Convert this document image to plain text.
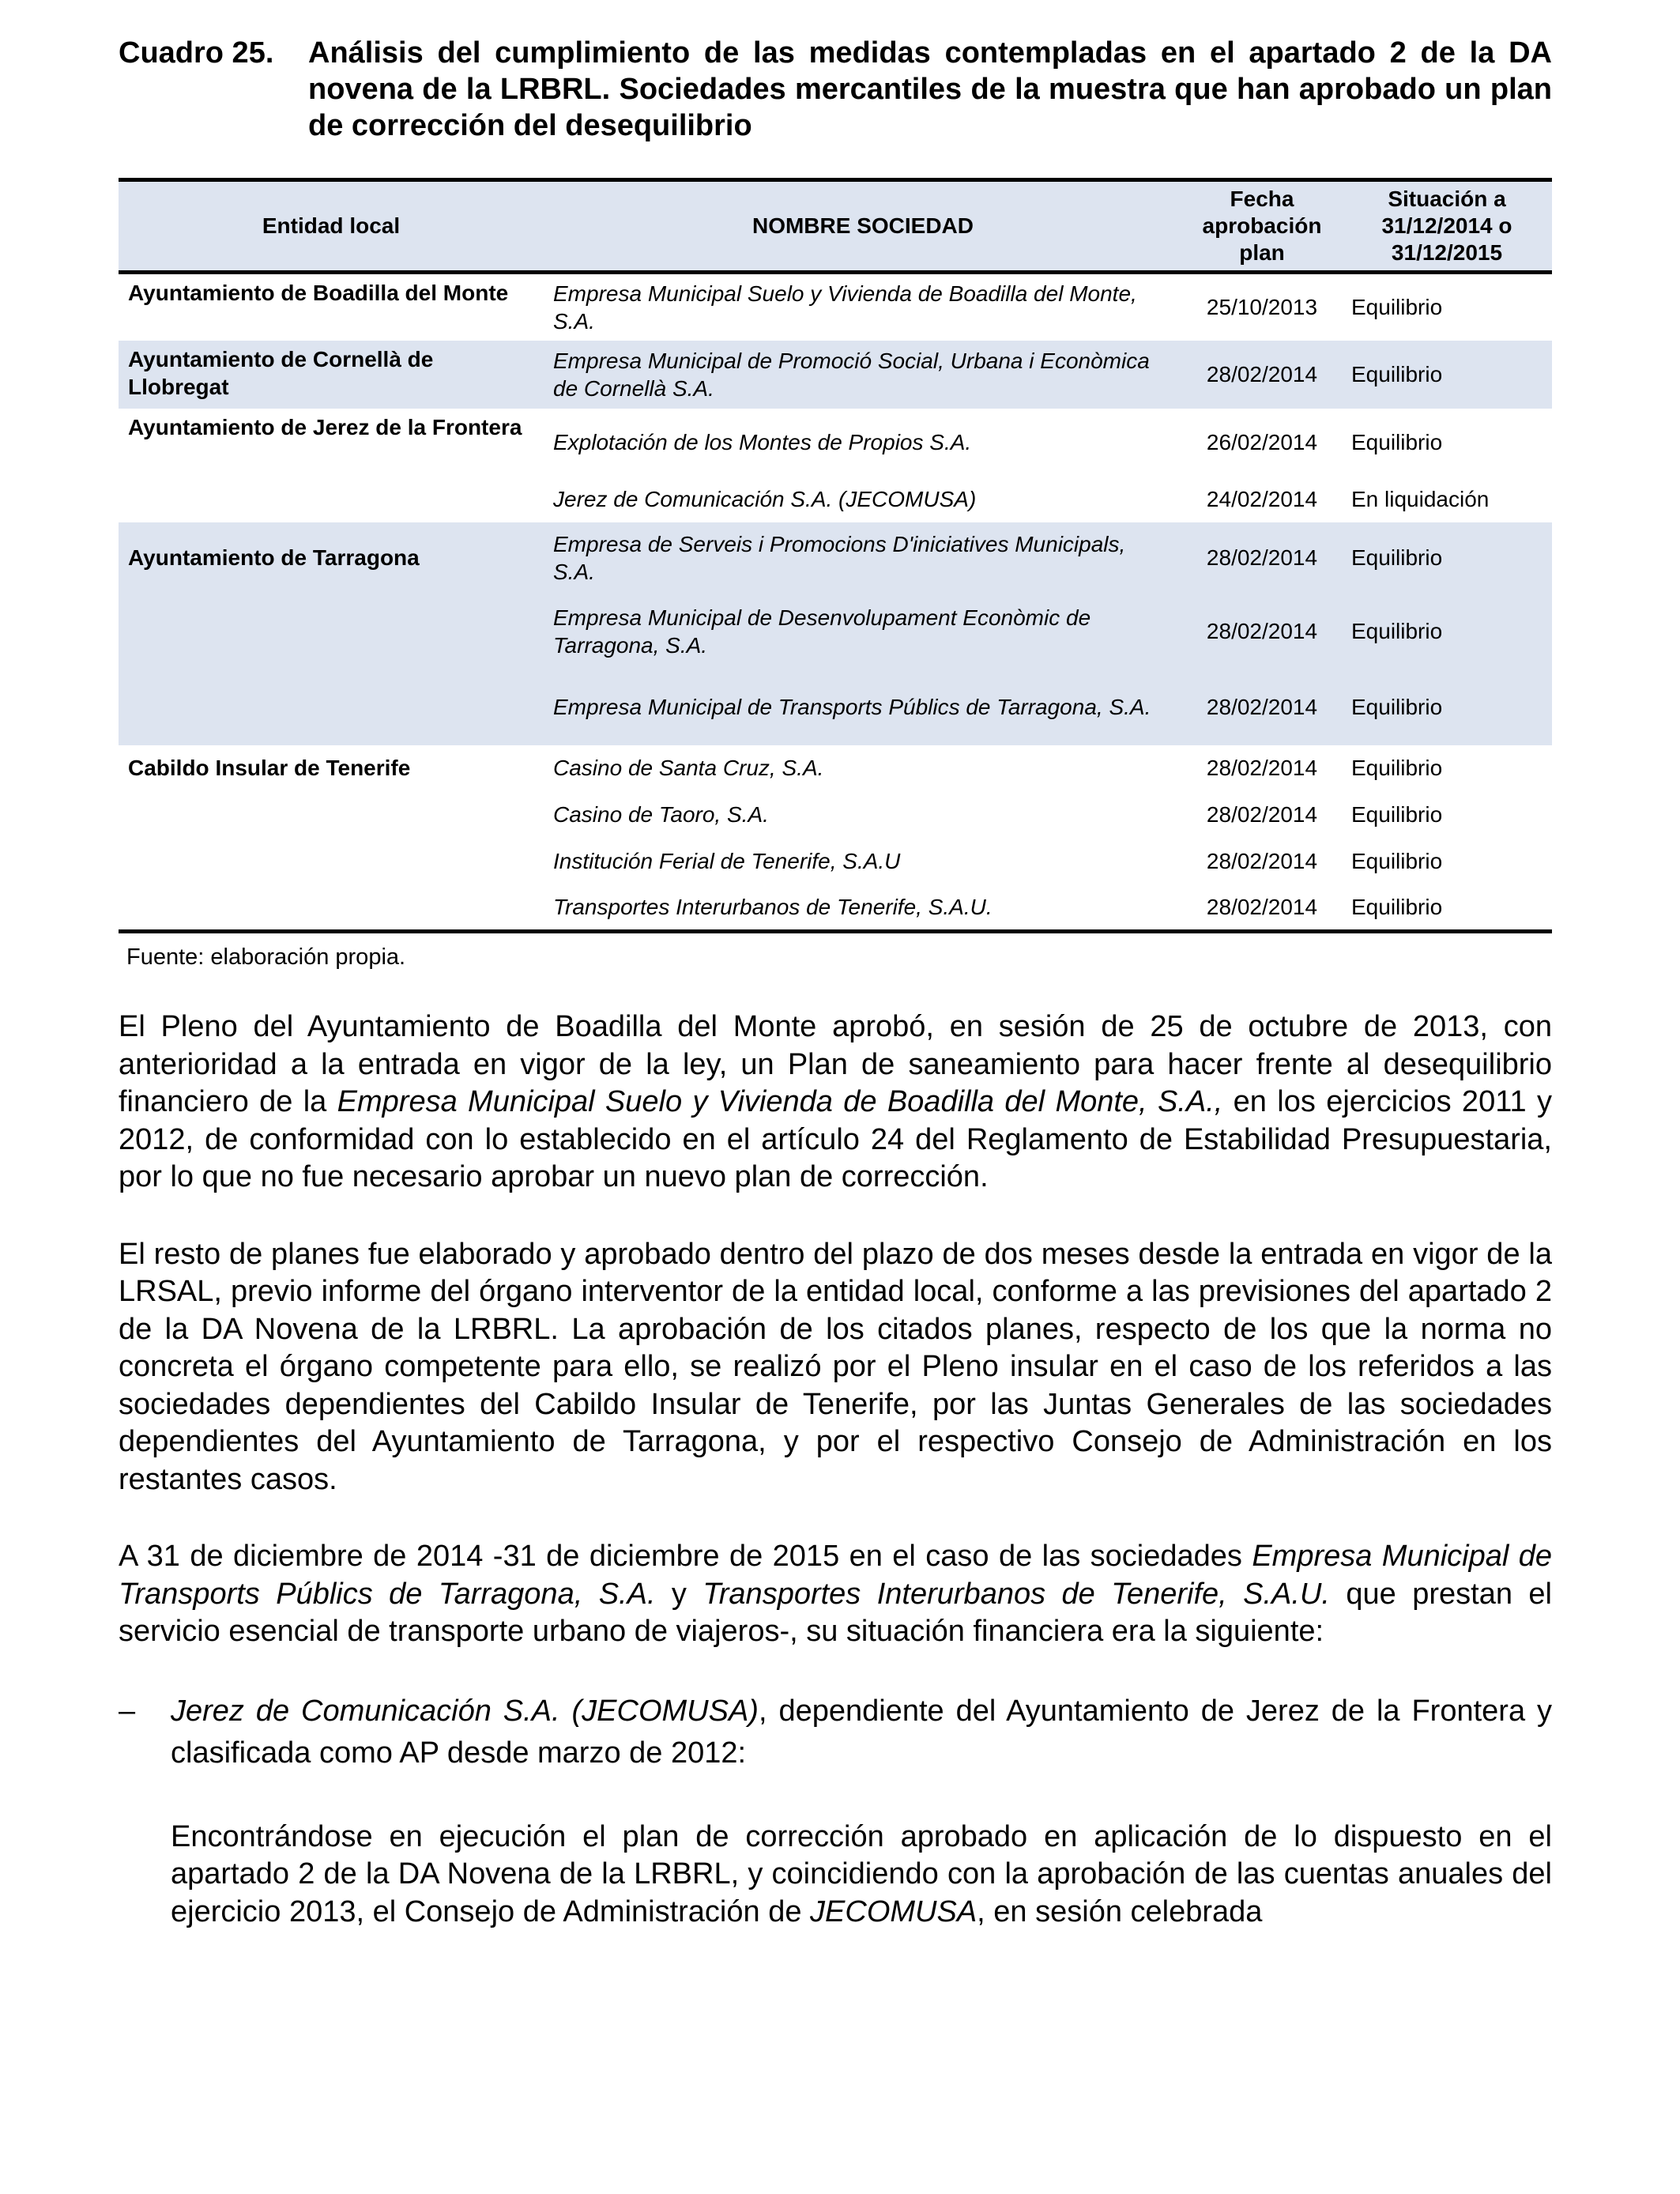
Cuadro 25.	Análisis del cumplimiento de las medidas contempladas en el apartado 2 de la DA novena de la LRBRL. Sociedades mercantiles de la muestra que han aprobado un plan de corrección del desequilibrio
Entidad local	NOMBRE SOCIEDAD	Fecha aprobación plan	Situación a 31/12/2014 o 31/12/2015
Ayuntamiento de Boadilla del Monte	Empresa Municipal Suelo y Vivienda de Boadilla del Monte, S.A.	25/10/2013	Equilibrio
Ayuntamiento de Cornellà de Llobregat	Empresa Municipal de Promoció Social, Urbana i Econòmica de Cornellà S.A.	28/02/2014	Equilibrio
Ayuntamiento de Jerez de la Frontera	Explotación de los Montes de Propios S.A.	26/02/2014	Equilibrio
	Jerez de Comunicación S.A. (JECOMUSA)	24/02/2014	En liquidación
Ayuntamiento de Tarragona	Empresa de Serveis i Promocions D'iniciatives Municipals, S.A.	28/02/2014	Equilibrio
	Empresa Municipal de Desenvolupament Econòmic de Tarragona, S.A.	28/02/2014	Equilibrio
	Empresa Municipal de Transports Públics de Tarragona, S.A.	28/02/2014	Equilibrio
Cabildo Insular de Tenerife	Casino de Santa Cruz, S.A.	28/02/2014	Equilibrio
	Casino de Taoro, S.A.	28/02/2014	Equilibrio
	Institución Ferial de Tenerife, S.A.U	28/02/2014	Equilibrio
	Transportes Interurbanos de Tenerife, S.A.U.	28/02/2014	Equilibrio
Fuente: elaboración propia.

El Pleno del Ayuntamiento de Boadilla del Monte aprobó, en sesión de 25 de octubre de 2013, con anterioridad a la entrada en vigor de la ley, un Plan de saneamiento para hacer frente al desequilibrio financiero de la Empresa Municipal Suelo y Vivienda de Boadilla del Monte, S.A., en los ejercicios 2011 y 2012, de conformidad con lo establecido en el artículo 24 del Reglamento de Estabilidad Presupuestaria, por lo que no fue necesario aprobar un nuevo plan de corrección.

El resto de planes fue elaborado y aprobado dentro del plazo de dos meses desde la entrada en vigor de la LRSAL, previo informe del órgano interventor de la entidad local, conforme a las previsiones del apartado 2 de la DA Novena de la LRBRL. La aprobación de los citados planes, respecto de los que la norma no concreta el órgano competente para ello, se realizó por el Pleno insular en el caso de los referidos a las sociedades dependientes del Cabildo Insular de Tenerife, por las Juntas Generales de las sociedades dependientes del Ayuntamiento de Tarragona, y por el respectivo Consejo de Administración en los restantes casos.

A 31 de diciembre de 2014 -31 de diciembre de 2015 en el caso de las sociedades Empresa Municipal de Transports Públics de Tarragona, S.A. y Transportes Interurbanos de Tenerife, S.A.U. que prestan el servicio esencial de transporte urbano de viajeros-, su situación financiera era la siguiente:

–	Jerez de Comunicación S.A. (JECOMUSA), dependiente del Ayuntamiento de Jerez de la Frontera y clasificada como AP desde marzo de 2012:

Encontrándose en ejecución el plan de corrección aprobado en aplicación de lo dispuesto en el apartado 2 de la DA Novena de la LRBRL, y coincidiendo con la aprobación de las cuentas anuales del ejercicio 2013, el Consejo de Administración de JECOMUSA, en sesión celebrada
